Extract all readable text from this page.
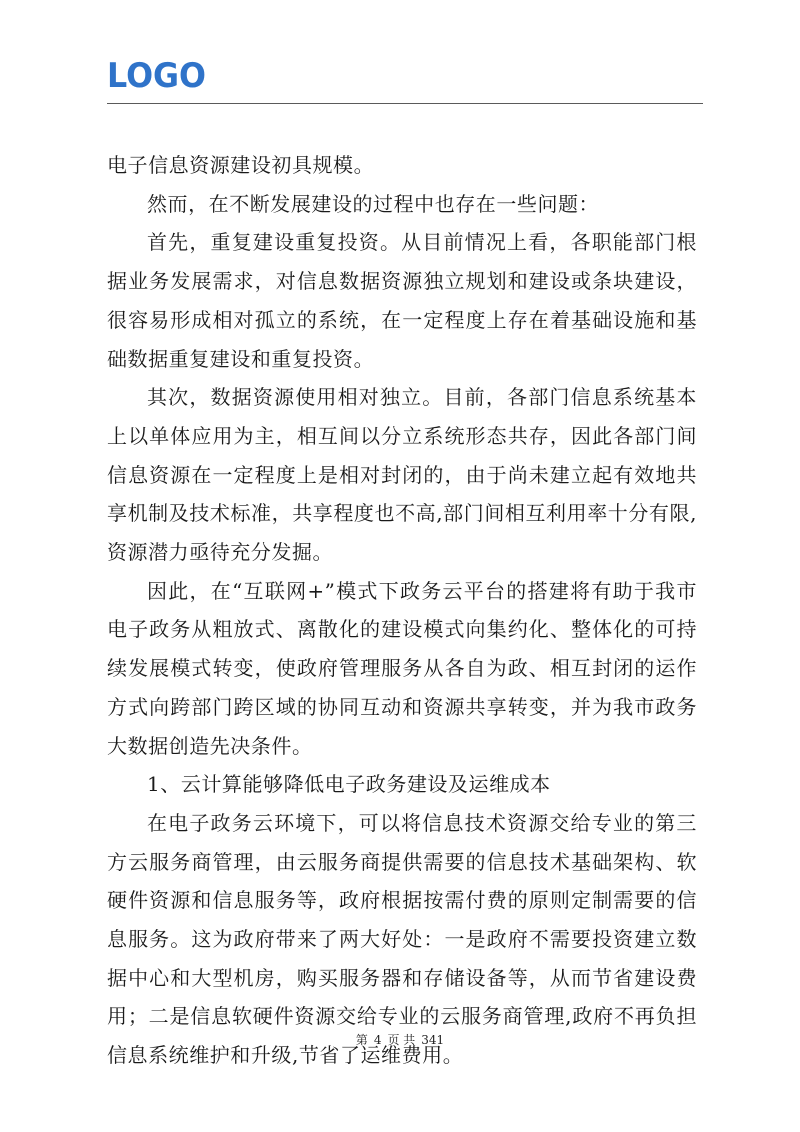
LOGO

电子信息资源建设初具规模。

然而，在不断发展建设的过程中也存在一些问题：

首先，重复建设重复投资。从目前情况上看，各职能部门根据业务发展需求，对信息数据资源独立规划和建设或条块建设，很容易形成相对孤立的系统，在一定程度上存在着基础设施和基础数据重复建设和重复投资。

其次，数据资源使用相对独立。目前，各部门信息系统基本上以单体应用为主，相互间以分立系统形态共存，因此各部门间信息资源在一定程度上是相对封闭的，由于尚未建立起有效地共享机制及技术标准，共享程度也不高,部门间相互利用率十分有限,资源潜力亟待充分发掘。

因此，在“互联网+”模式下政务云平台的搭建将有助于我市电子政务从粗放式、离散化的建设模式向集约化、整体化的可持续发展模式转变，使政府管理服务从各自为政、相互封闭的运作方式向跨部门跨区域的协同互动和资源共享转变，并为我市政务大数据创造先决条件。

1、云计算能够降低电子政务建设及运维成本

在电子政务云环境下，可以将信息技术资源交给专业的第三方云服务商管理，由云服务商提供需要的信息技术基础架构、软硬件资源和信息服务等，政府根据按需付费的原则定制需要的信息服务。这为政府带来了两大好处：一是政府不需要投资建立数据中心和大型机房，购买服务器和存储设备等，从而节省建设费用；二是信息软硬件资源交给专业的云服务商管理,政府不再负担信息系统维护和升级,节省了运维费用。

第 4 页 共 341
